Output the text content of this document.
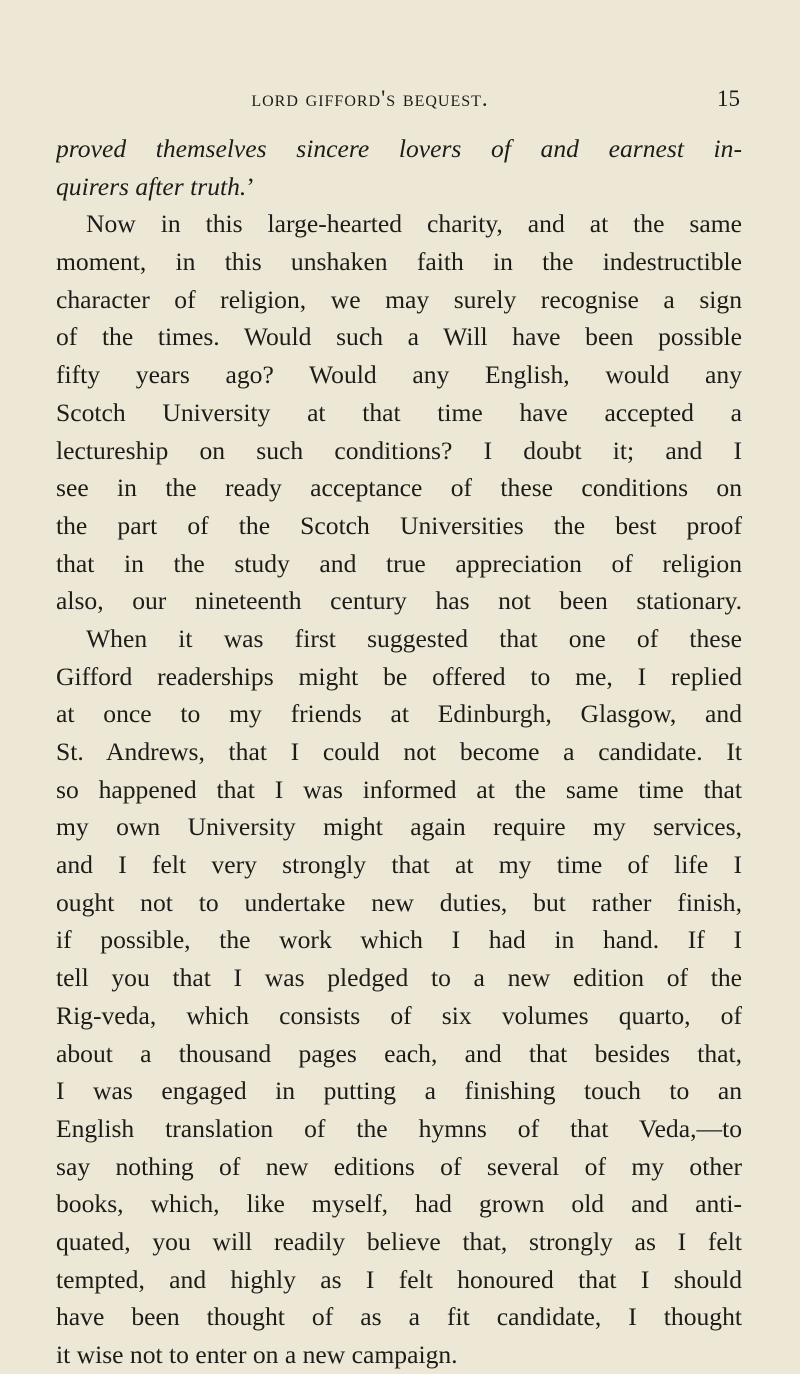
lord gifford's bequest.	15
proved themselves sincere lovers of and earnest in-
quirers after truth.’
Now in this large-hearted charity, and at the same
moment, in this unshaken faith in the indestructible
character of religion, we may surely recognise a sign
of the times. Would such a Will have been possible
fifty years ago? Would any English, would any
Scotch University at that time have accepted a
lectureship on such conditions? I doubt it; and I
see in the ready acceptance of these conditions on
the part of the Scotch Universities the best proof
that in the study and true appreciation of religion
also, our nineteenth century has not been stationary.
When it was first suggested that one of these
Gifford readerships might be offered to me, I replied
at once to my friends at Edinburgh, Glasgow, and
St. Andrews, that I could not become a candidate. It
so happened that I was informed at the same time that
my own University might again require my services,
and I felt very strongly that at my time of life I
ought not to undertake new duties, but rather finish,
if possible, the work which I had in hand. If I
tell you that I was pledged to a new edition of the
Rig-veda, which consists of six volumes quarto, of
about a thousand pages each, and that besides that,
I was engaged in putting a finishing touch to an
English translation of the hymns of that Veda,—to
say nothing of new editions of several of my other
books, which, like myself, had grown old and anti-
quated, you will readily believe that, strongly as I felt
tempted, and highly as I felt honoured that I should
have been thought of as a fit candidate, I thought
it wise not to enter on a new campaign.
